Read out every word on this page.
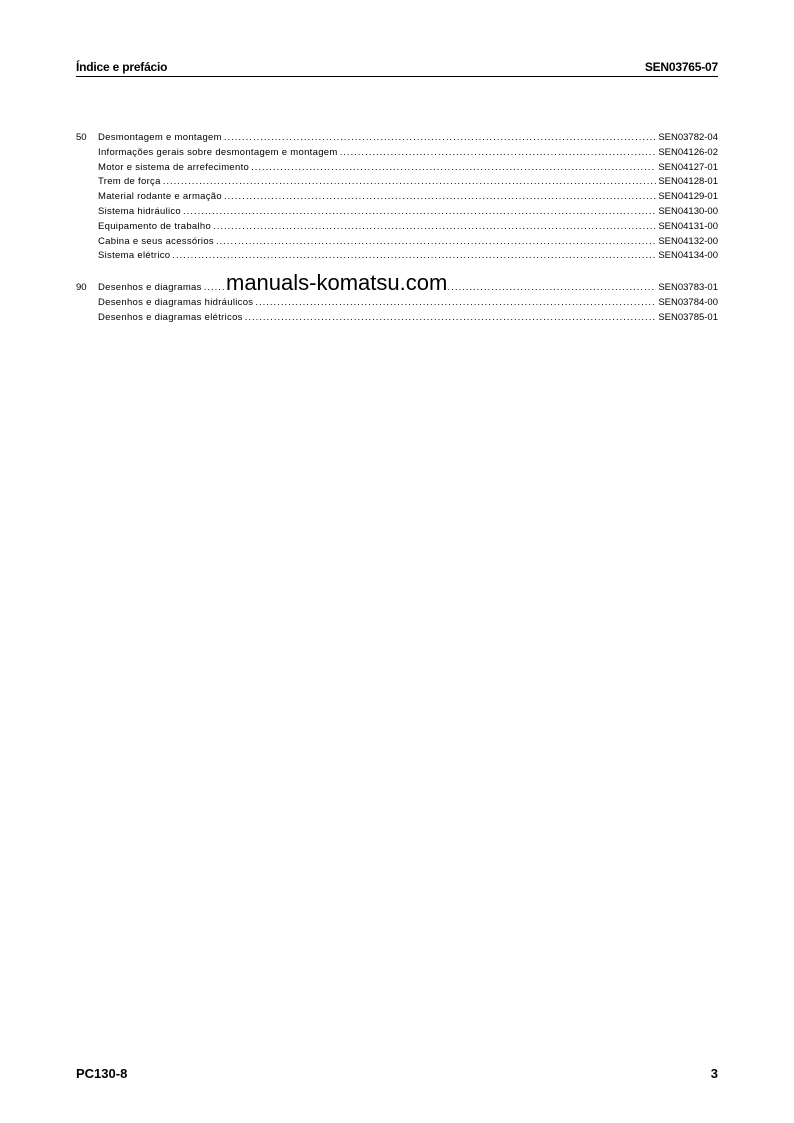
Índice e prefácio	SEN03765-07
50	Desmontagem e montagem .....	SEN03782-04
Informações gerais sobre desmontagem e montagem .....	SEN04126-02
Motor e sistema de arrefecimento .....	SEN04127-01
Trem de força .....	SEN04128-01
Material rodante e armação .....	SEN04129-01
Sistema hidráulico .....	SEN04130-00
Equipamento de trabalho .....	SEN04131-00
Cabina e seus acessórios .....	SEN04132-00
Sistema elétrico .....	SEN04134-00
90	Desenhos e diagramas .....	SEN03783-01
Desenhos e diagramas hidráulicos .....	SEN03784-00
Desenhos e diagramas elétricos .....	SEN03785-01
manuals-komatsu.com
PC130-8	3
